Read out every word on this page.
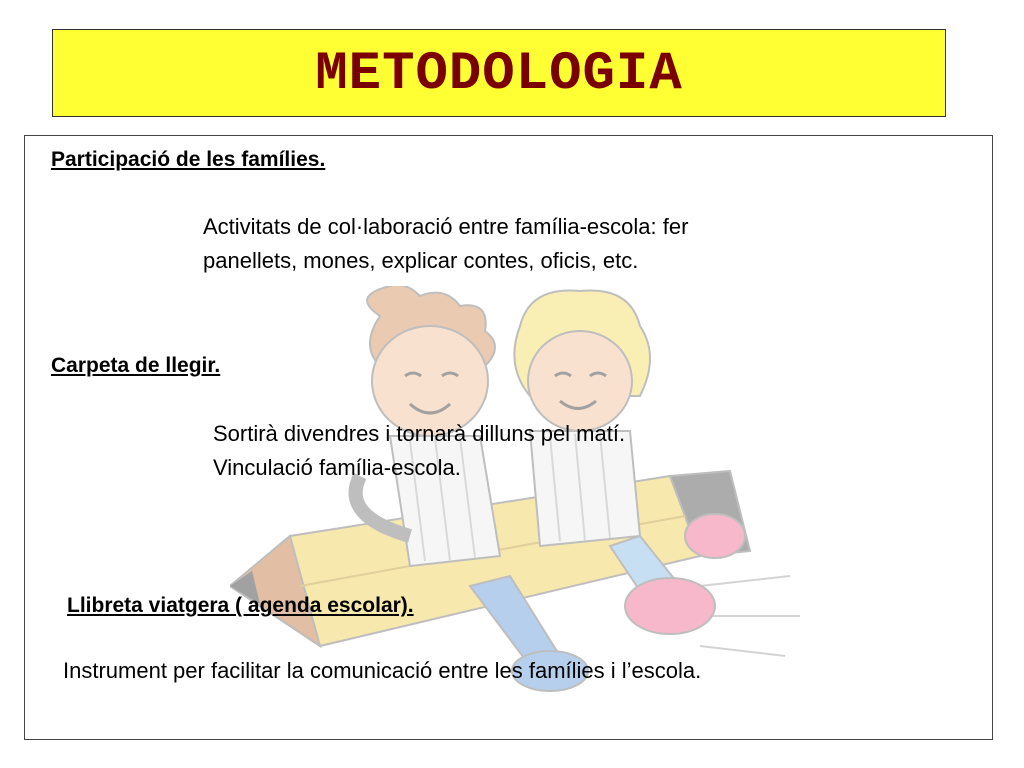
METODOLOGIA
Participació de les famílies.
Activitats de col·laboració entre família-escola: fer
panellets, mones, explicar contes, oficis, etc.
Carpeta de llegir.
Sortirà divendres i tornarà dilluns pel matí.
Vinculació família-escola.
Llibreta viatgera ( agenda escolar).
Instrument per facilitar la comunicació entre les famílies i l’escola.
